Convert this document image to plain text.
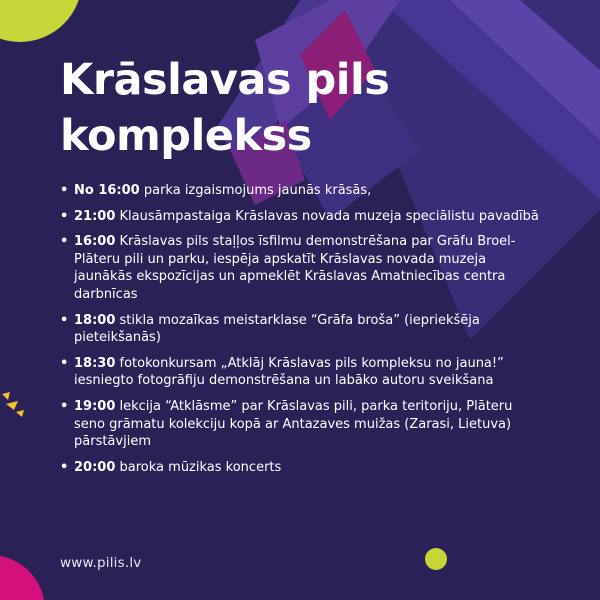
Krāslavas pils komplekss
• No 16:00 parka izgaismojums jaunās krāsās,
• 21:00 Klausāmpastaiga Krāslavas novada muzeja speciālistu pavadībā
• 16:00 Krāslavas pils staļļos īsfilmu demonstrēšana par Grāfu Broel-Plāteru pili un parku, iespēja apskatīt Krāslavas novada muzeja jaunākās ekspozīcijas un apmeklēt Krāslavas Amatniecības centra darbnīcas
• 18:00 stikla mozaīkas meistarklase “Grāfa broša” (iepriekšēja pieteikšanās)
• 18:30 fotokonkursam „Atklāj Krāslavas pils kompleksu no jauna!” iesniegto fotogrāfiju demonstrēšana un labāko autoru sveikšana
• 19:00 lekcija “Atklāsme” par Krāslavas pili, parka teritoriju, Plāteru seno grāmatu kolekciju kopā ar Antazaves muižas (Zarasi, Lietuva) pārstāvjiem
• 20:00 baroka mūzikas koncerts
www.pilis.lv
